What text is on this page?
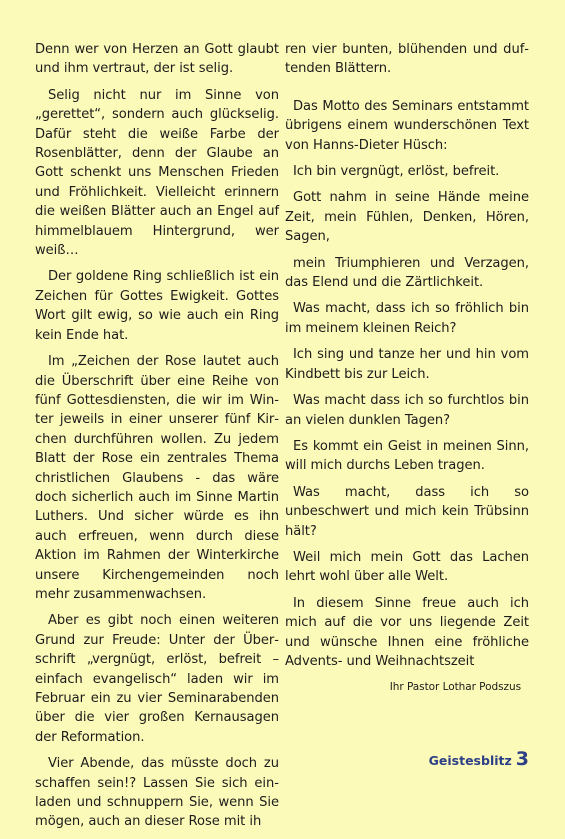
Denn wer von Herzen an Gott glaubt und ihm vertraut, der ist selig.

Selig nicht nur im Sinne von „gerettet“, sondern auch glückselig. Dafür steht die weiße Farbe der Rosenblätter, denn der Glaube an Gott schenkt uns Menschen Frieden und Fröhlichkeit. Vielleicht erinnern die weißen Blätter auch an Engel auf himmelblauem Hintergrund, wer weiß…

Der goldene Ring schließlich ist ein Zeichen für Gottes Ewigkeit. Gottes Wort gilt ewig, so wie auch ein Ring kein Ende hat.

Im „Zeichen der Rose lautet auch die Überschrift über eine Reihe von fünf Gottesdiensten, die wir im Winter jeweils in einer unserer fünf Kirchen durchführen wollen. Zu jedem Blatt der Rose ein zentrales Thema christlichen Glaubens - das wäre doch sicherlich auch im Sinne Martin Luthers. Und sicher würde es ihn auch erfreuen, wenn durch diese Aktion im Rahmen der Winterkirche unsere Kirchengemeinden noch mehr zusammenwachsen.

Aber es gibt noch einen weiteren Grund zur Freude: Unter der Überschrift „vergnügt, erlöst, befreit – einfach evangelisch“ laden wir im Februar ein zu vier Seminarabenden über die vier großen Kernausagen der Reformation.

Vier Abende, das müsste doch zu schaffen sein!? Lassen Sie sich einladen und schnuppern Sie, wenn Sie mögen, auch an dieser Rose mit ih

ren vier bunten, blühenden und duftenden Blättern.

Das Motto des Seminars entstammt übrigens einem wunderschönen Text von Hanns-Dieter Hüsch:

Ich bin vergnügt, erlöst, befreit.

Gott nahm in seine Hände meine Zeit, mein Fühlen, Denken, Hören, Sagen,

mein Triumphieren und Verzagen, das Elend und die Zärtlichkeit.

Was macht, dass ich so fröhlich bin im meinem kleinen Reich?

Ich sing und tanze her und hin vom Kindbett bis zur Leich.

Was macht dass ich so furchtlos bin an vielen dunklen Tagen?

Es kommt ein Geist in meinen Sinn, will mich durchs Leben tragen.

Was macht, dass ich so unbeschwert und mich kein Trübsinn hält?

Weil mich mein Gott das Lachen lehrt wohl über alle Welt.

In diesem Sinne freue auch ich mich auf die vor uns liegende Zeit und wünsche Ihnen eine fröhliche Advents- und Weihnachtszeit

Ihr Pastor Lothar Podszus
Geistesblitz 3
